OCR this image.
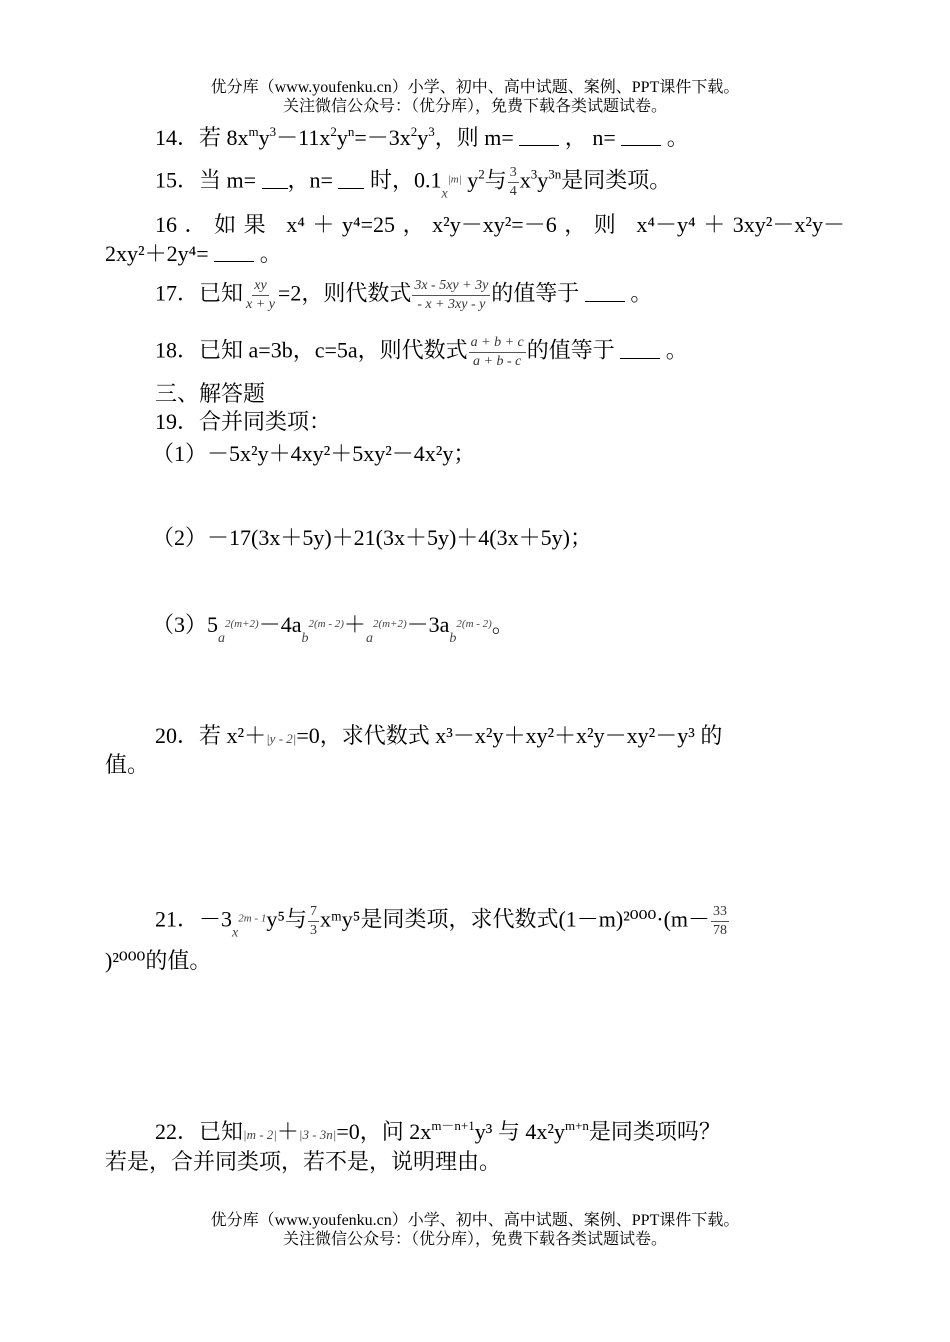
优分库（www.youfenku.cn）小学、初中、高中试题、案例、PPT课件下载。
关注微信公众号：（优分库），免费下载各类试题试卷。
14．若 $8x^my^3-11x^2y^n=-3x^2y^3$，则 m= ， n= 。
15．当 m= ，n= 时，$0.1_x^{|m|}$ $y^2$与 $\frac{3}{4} x^3y^{3n}$是同类项。
16．如果 x⁴＋y⁴=25，x²y－xy²=－6，则 x⁴－y⁴＋3xy²－x²y－
2xy²＋2y⁴= 。
17．已知 $\frac{xy}{x + y} =2$，则代数式 $\frac{3x - 5xy + 3y}{- x + 3xy - y}$ 的值等于 。
18．已知 a=3b，c=5a，则代数式 $\frac{a + b + c}{a + b - c}$ 的值等于 。
三、解答题
19．合并同类项：
（1）－5x²y＋4xy²＋5xy²－4x²y；
（2）－17(3x＋5y)＋21(3x＋5y)＋4(3x＋5y)；
$(3)5_a^{2(m+2)}-4a_b^{2(m - 2)}+_a^{2(m+2)}-3a_b^{2(m - 2)}$。
20．若 x²＋|y - 2|=0，求代数式 x³－x²y＋xy²＋x²y－xy²－y³ 的
值。
21．$-3_x^{2m - 1}y^5$与 $\frac{7}{3}$ xᵐy⁵是同类项，求代数式$(1-m)^{2000}\cdot(m- \frac{33}{78}$
)²⁰⁰⁰的值。
22．已知|m - 2|＋|3 - 3n|=0，问 $2x^{m-n+1}y^3$ 与 $4x^2y^{m+n}$是同类项吗？
若是，合并同类项，若不是，说明理由。
优分库（www.youfenku.cn）小学、初中、高中试题、案例、PPT课件下载。
关注微信公众号：（优分库），免费下载各类试题试卷。
